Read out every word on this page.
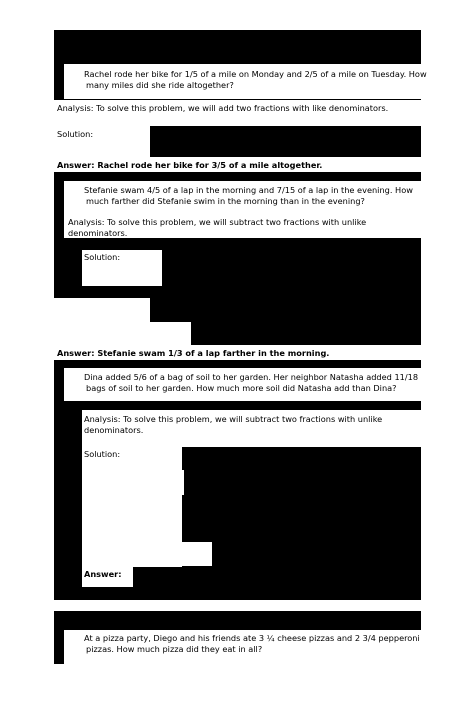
1.	Rachel rode her bike for 1/5 of a mile on Monday and 2/5 of a mile on Tuesday. How many miles did she ride altogether?
Analysis: To solve this problem, we will add two fractions with like denominators.
Solution:
Answer: Rachel rode her bike for 3/5 of a mile altogether.
2.	Stefanie swam 4/5 of a lap in the morning and 7/15 of a lap in the evening. How much farther did Stefanie swim in the morning than in the evening?
Analysis: To solve this problem, we will subtract two fractions with unlike denominators.
Solution:
Answer: Stefanie swam 1/3 of a lap farther in the morning.
3.	Dina added 5/6 of a bag of soil to her garden. Her neighbor Natasha added 11/18 bags of soil to her garden. How much more soil did Natasha add than Dina?
Analysis: To solve this problem, we will subtract two fractions with unlike denominators.
Solution:
Answer:
4.	At a pizza party, Diego and his friends ate 3 ¼ cheese pizzas and 2 3/4 pepperoni pizzas. How much pizza did they eat in all?
